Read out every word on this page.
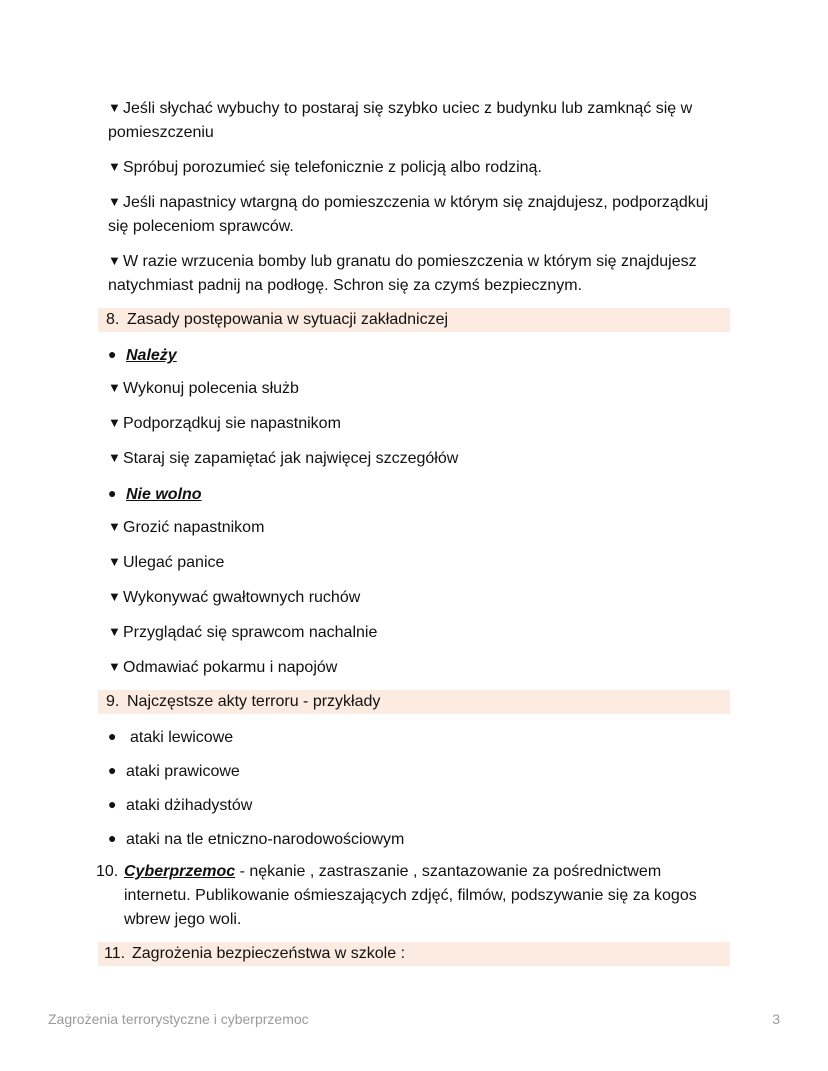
▼ Jeśli słychać wybuchy to postaraj się szybko uciec z budynku lub zamknąć się w pomieszczeniu
▼ Spróbuj porozumieć się telefonicznie z policją albo rodziną.
▼ Jeśli napastnicy wtargną do pomieszczenia w którym się znajdujesz, podporządkuj się poleceniom sprawców.
▼ W razie wrzucenia bomby lub granatu do pomieszczenia w którym się znajdujesz natychmiast padnij na podłogę. Schron się za czymś bezpiecznym.
8. Zasady postępowania w sytuacji zakładniczej
● Należy
▼ Wykonuj polecenia służb
▼ Podporządkuj sie napastnikom
▼ Staraj się zapamiętać jak najwięcej szczegółów
● Nie wolno
▼ Grozić napastnikom
▼ Ulegać panice
▼ Wykonywać gwałtownych ruchów
▼ Przyglądać się sprawcom nachalnie
▼ Odmawiać pokarmu i napojów
9. Najczęstsze akty terroru - przykłady
● ataki lewicowe
● ataki prawicowe
● ataki dżihadystów
● ataki na tle etniczno-narodowościowym
10. Cyberprzemoc - nękanie , zastraszanie , szantazowanie za pośrednictwem internetu. Publikowanie ośmieszających zdjęć, filmów, podszywanie się za kogos wbrew jego woli.
11. Zagrożenia bezpieczeństwa w szkole :
Zagrożenia terrorystyczne i cyberprzemoc	3
